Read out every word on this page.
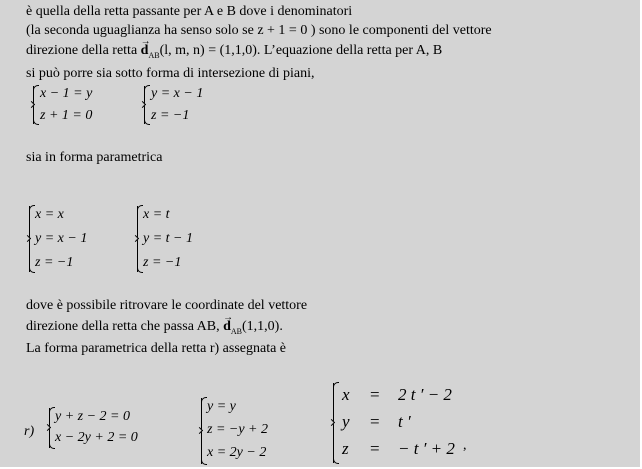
è quella della retta passante per A e B dove i denominatori
(la seconda uguaglianza ha senso solo se z + 1 = 0 ) sono le componenti del vettore
direzione della retta → $d_{AB}(l$, m, n) = (1,1,0). L’equazione della retta per A, B
si può porre sia sotto forma di intersezione di piani,
x − 1 = y
z + 1 = 0
y = x − 1
z = −1
sia in forma parametrica
x = x
y = x − 1
z = −1
x = t
y = t − 1
z = −1
dove è possibile ritrovare le coordinate del vettore
direzione della retta che passa AB, → $d_{AB}(1,1,0)$.
La forma parametrica della retta r) assegnata è
r)
y + z − 2 = 0
x − 2y + 2 = 0
y = y
z = −y + 2
x = 2y − 2
x = 2 t ′ − 2
y = t ′
z = − t ′ + 2 ,
